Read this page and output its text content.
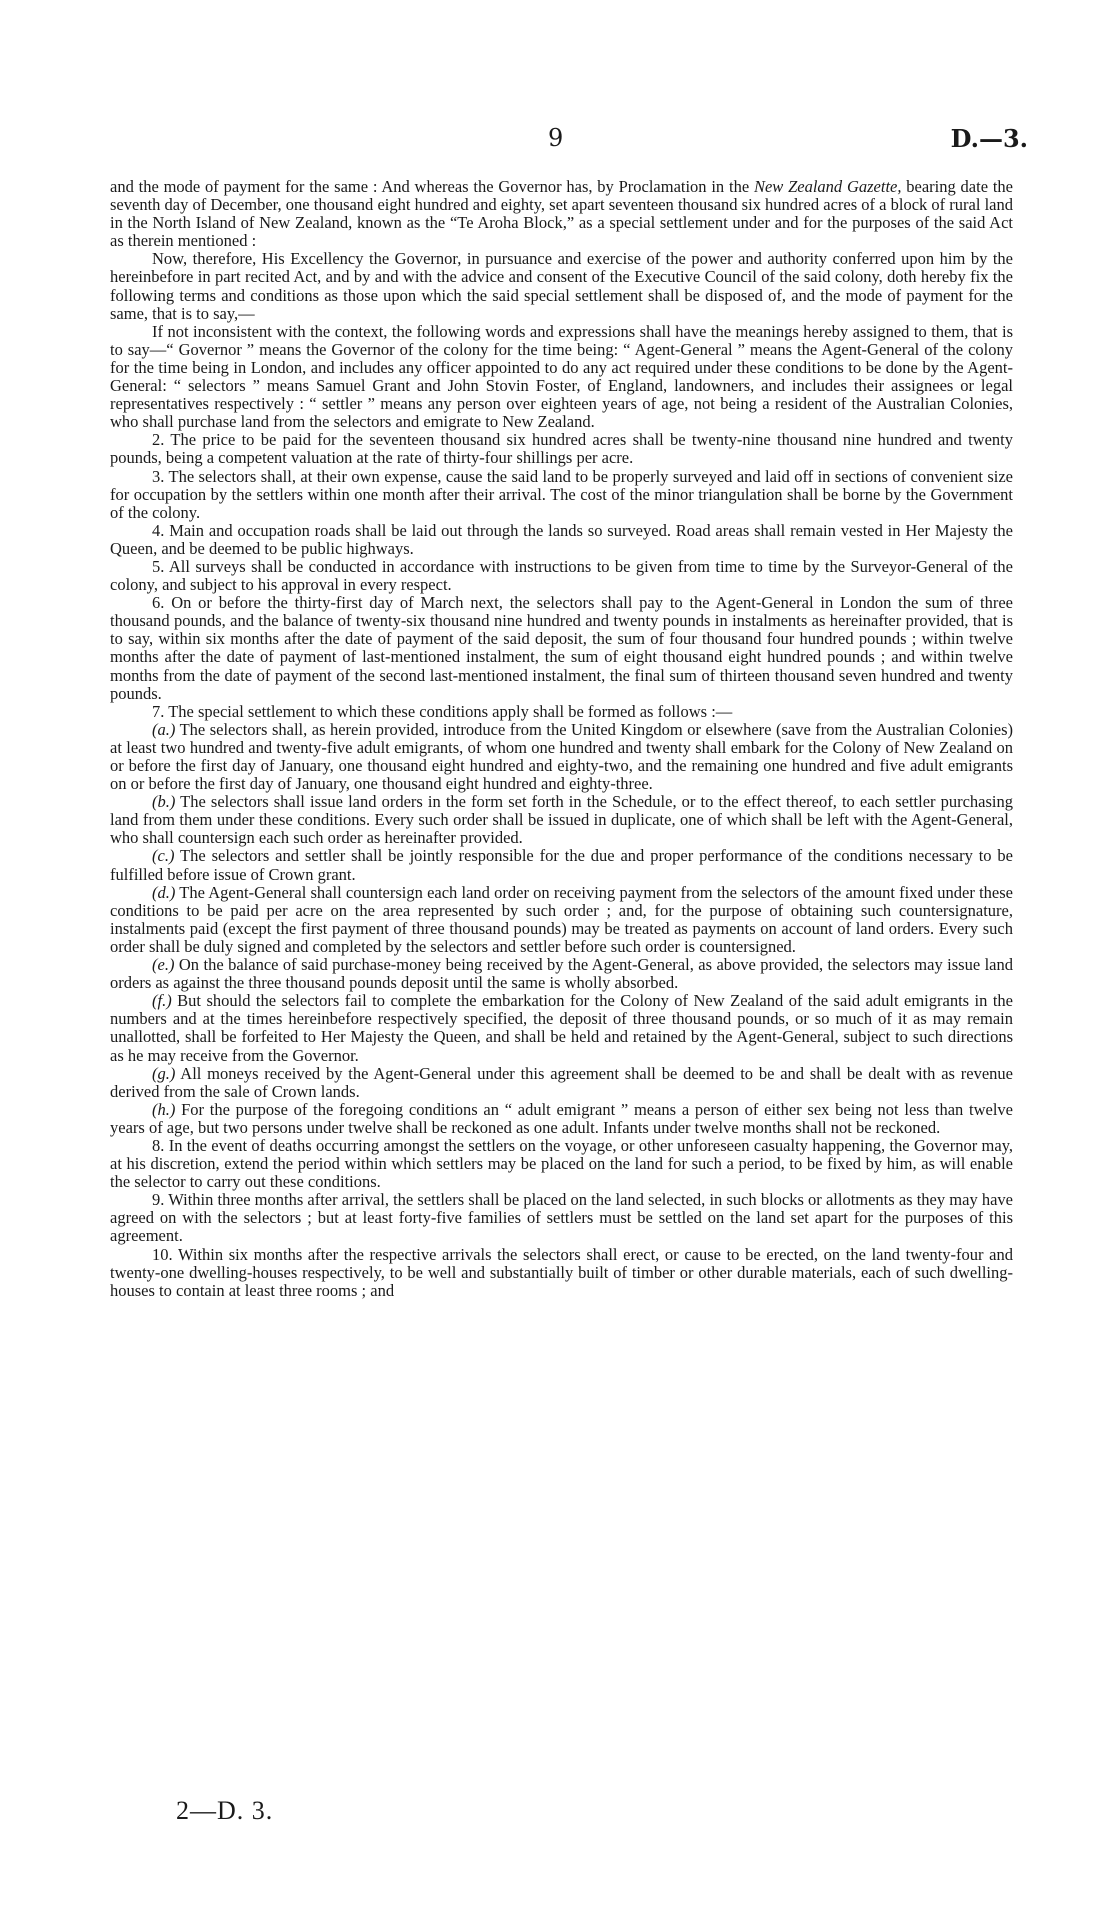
9	D.—3.

and the mode of payment for the same : And whereas the Governor has, by Proclamation in the New Zealand Gazette, bearing date the seventh day of December, one thousand eight hundred and eighty, set apart seventeen thousand six hundred acres of a block of rural land in the North Island of New Zealand, known as the “Te Aroha Block,” as a special settlement under and for the purposes of the said Act as therein mentioned :

Now, therefore, His Excellency the Governor, in pursuance and exercise of the power and authority conferred upon him by the hereinbefore in part recited Act, and by and with the advice and consent of the Executive Council of the said colony, doth hereby fix the following terms and conditions as those upon which the said special settlement shall be disposed of, and the mode of payment for the same, that is to say,—

If not inconsistent with the context, the following words and expressions shall have the meanings hereby assigned to them, that is to say—“ Governor ” means the Governor of the colony for the time being: “ Agent-General ” means the Agent-General of the colony for the time being in London, and includes any officer appointed to do any act required under these conditions to be done by the Agent-General: “ selectors ” means Samuel Grant and John Stovin Foster, of England, landowners, and includes their assignees or legal representatives respectively : “ settler ” means any person over eighteen years of age, not being a resident of the Australian Colonies, who shall purchase land from the selectors and emigrate to New Zealand.

2. The price to be paid for the seventeen thousand six hundred acres shall be twenty-nine thousand nine hundred and twenty pounds, being a competent valuation at the rate of thirty-four shillings per acre.

3. The selectors shall, at their own expense, cause the said land to be properly surveyed and laid off in sections of convenient size for occupation by the settlers within one month after their arrival. The cost of the minor triangulation shall be borne by the Government of the colony.

4. Main and occupation roads shall be laid out through the lands so surveyed. Road areas shall remain vested in Her Majesty the Queen, and be deemed to be public highways.

5. All surveys shall be conducted in accordance with instructions to be given from time to time by the Surveyor-General of the colony, and subject to his approval in every respect.

6. On or before the thirty-first day of March next, the selectors shall pay to the Agent-General in London the sum of three thousand pounds, and the balance of twenty-six thousand nine hundred and twenty pounds in instalments as hereinafter provided, that is to say, within six months after the date of payment of the said deposit, the sum of four thousand four hundred pounds ; within twelve months after the date of payment of last-mentioned instalment, the sum of eight thousand eight hundred pounds ; and within twelve months from the date of payment of the second last-mentioned instalment, the final sum of thirteen thousand seven hundred and twenty pounds.

7. The special settlement to which these conditions apply shall be formed as follows :—

(a.) The selectors shall, as herein provided, introduce from the United Kingdom or elsewhere (save from the Australian Colonies) at least two hundred and twenty-five adult emigrants, of whom one hundred and twenty shall embark for the Colony of New Zealand on or before the first day of January, one thousand eight hundred and eighty-two, and the remaining one hundred and five adult emigrants on or before the first day of January, one thousand eight hundred and eighty-three.

(b.) The selectors shall issue land orders in the form set forth in the Schedule, or to the effect thereof, to each settler purchasing land from them under these conditions. Every such order shall be issued in duplicate, one of which shall be left with the Agent-General, who shall countersign each such order as hereinafter provided.

(c.) The selectors and settler shall be jointly responsible for the due and proper performance of the conditions necessary to be fulfilled before issue of Crown grant.

(d.) The Agent-General shall countersign each land order on receiving payment from the selectors of the amount fixed under these conditions to be paid per acre on the area represented by such order ; and, for the purpose of obtaining such countersignature, instalments paid (except the first payment of three thousand pounds) may be treated as payments on account of land orders. Every such order shall be duly signed and completed by the selectors and settler before such order is countersigned.

(e.) On the balance of said purchase-money being received by the Agent-General, as above provided, the selectors may issue land orders as against the three thousand pounds deposit until the same is wholly absorbed.

(f.) But should the selectors fail to complete the embarkation for the Colony of New Zealand of the said adult emigrants in the numbers and at the times hereinbefore respectively specified, the deposit of three thousand pounds, or so much of it as may remain unallotted, shall be forfeited to Her Majesty the Queen, and shall be held and retained by the Agent-General, subject to such directions as he may receive from the Governor.

(g.) All moneys received by the Agent-General under this agreement shall be deemed to be and shall be dealt with as revenue derived from the sale of Crown lands.

(h.) For the purpose of the foregoing conditions an “ adult emigrant ” means a person of either sex being not less than twelve years of age, but two persons under twelve shall be reckoned as one adult. Infants under twelve months shall not be reckoned.

8. In the event of deaths occurring amongst the settlers on the voyage, or other unforeseen casualty happening, the Governor may, at his discretion, extend the period within which settlers may be placed on the land for such a period, to be fixed by him, as will enable the selector to carry out these conditions.

9. Within three months after arrival, the settlers shall be placed on the land selected, in such blocks or allotments as they may have agreed on with the selectors ; but at least forty-five families of settlers must be settled on the land set apart for the purposes of this agreement.

10. Within six months after the respective arrivals the selectors shall erect, or cause to be erected, on the land twenty-four and twenty-one dwelling-houses respectively, to be well and substantially built of timber or other durable materials, each of such dwelling-houses to contain at least three rooms ; and

2—D. 3.
